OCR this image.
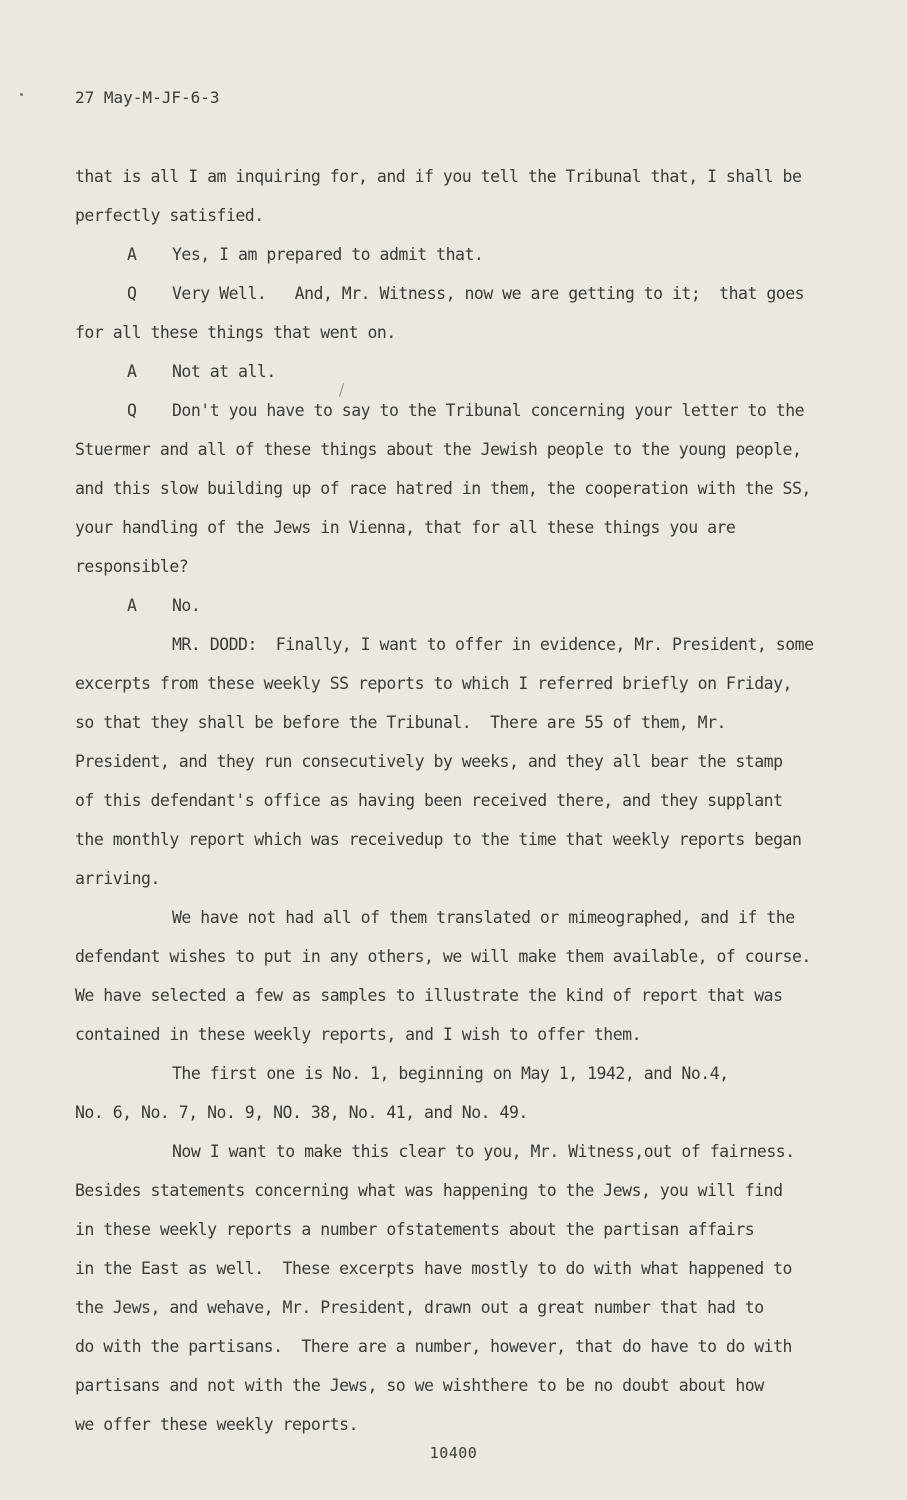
27 May-M-JF-6-3
that is all I am inquiring for, and if you tell the Tribunal that, I shall be
perfectly satisfied.
A Yes, I am prepared to admit that.
Q Very Well.   And, Mr. Witness, now we are getting to it;  that goes
for all these things that went on.
A Not at all.
Q Don't you have to say to the Tribunal concerning your letter to the
Stuermer and all of these things about the Jewish people to the young people,
and this slow building up of race hatred in them, the cooperation with the SS,
your handling of the Jews in Vienna, that for all these things you are
responsible?
A No.
MR. DODD:  Finally, I want to offer in evidence, Mr. President, some
excerpts from these weekly SS reports to which I referred briefly on Friday,
so that they shall be before the Tribunal.  There are 55 of them, Mr.
President, and they run consecutively by weeks, and they all bear the stamp
of this defendant's office as having been received there, and they supplant
the monthly report which was receivedup to the time that weekly reports began
arriving.
We have not had all of them translated or mimeographed, and if the
defendant wishes to put in any others, we will make them available, of course.
We have selected a few as samples to illustrate the kind of report that was
contained in these weekly reports, and I wish to offer them.
The first one is No. 1, beginning on May 1, 1942, and No.4,
No. 6, No. 7, No. 9, NO. 38, No. 41, and No. 49.
Now I want to make this clear to you, Mr. Witness,out of fairness.
Besides statements concerning what was happening to the Jews, you will find
in these weekly reports a number ofstatements about the partisan affairs
in the East as well.  These excerpts have mostly to do with what happened to
the Jews, and wehave, Mr. President, drawn out a great number that had to
do with the partisans.  There are a number, however, that do have to do with
partisans and not with the Jews, so we wishthere to be no doubt about how
we offer these weekly reports.
10400
